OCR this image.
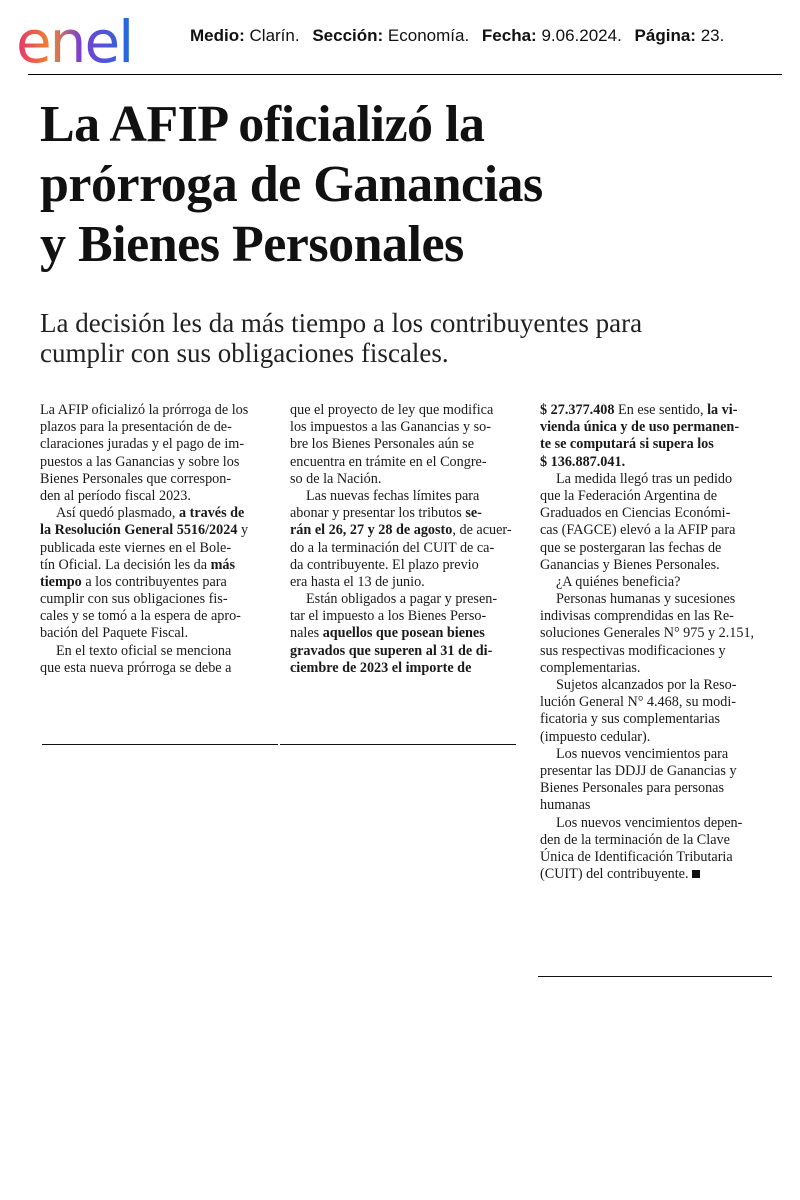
enel	Medio: Clarín. Sección: Economía. Fecha: 9.06.2024. Página: 23.
La AFIP oficializó la
prórroga de Ganancias
y Bienes Personales
La decisión les da más tiempo a los contribuyentes para
cumplir con sus obligaciones fiscales.
La AFIP oficializó la prórroga de los
plazos para la presentación de de-
claraciones juradas y el pago de im-
puestos a las Ganancias y sobre los
Bienes Personales que correspon-
den al período fiscal 2023.
Así quedó plasmado, a través de
la Resolución General 5516/2024 y
publicada este viernes en el Bole-
tín Oficial. La decisión les da más
tiempo a los contribuyentes para
cumplir con sus obligaciones fis-
cales y se tomó a la espera de apro-
bación del Paquete Fiscal.
En el texto oficial se menciona
que esta nueva prórroga se debe a
que el proyecto de ley que modifica
los impuestos a las Ganancias y so-
bre los Bienes Personales aún se
encuentra en trámite en el Congre-
so de la Nación.
Las nuevas fechas límites para
abonar y presentar los tributos se-
rán el 26, 27 y 28 de agosto, de acuer-
do a la terminación del CUIT de ca-
da contribuyente. El plazo previo
era hasta el 13 de junio.
Están obligados a pagar y presen-
tar el impuesto a los Bienes Perso-
nales aquellos que posean bienes
gravados que superen al 31 de di-
ciembre de 2023 el importe de
$ 27.377.408 En ese sentido, la vi-
vienda única y de uso permanen-
te se computará si supera los
$ 136.887.041.
La medida llegó tras un pedido
que la Federación Argentina de
Graduados en Ciencias Económi-
cas (FAGCE) elevó a la AFIP para
que se postergaran las fechas de
Ganancias y Bienes Personales.
¿A quiénes beneficia?
Personas humanas y sucesiones
indivisas comprendidas en las Re-
soluciones Generales N° 975 y 2.151,
sus respectivas modificaciones y
complementarias.
Sujetos alcanzados por la Reso-
lución General N° 4.468, su modi-
ficatoria y sus complementarias
(impuesto cedular).
Los nuevos vencimientos para
presentar las DDJJ de Ganancias y
Bienes Personales para personas
humanas
Los nuevos vencimientos depen-
den de la terminación de la Clave
Única de Identificación Tributaria
(CUIT) del contribuyente.
